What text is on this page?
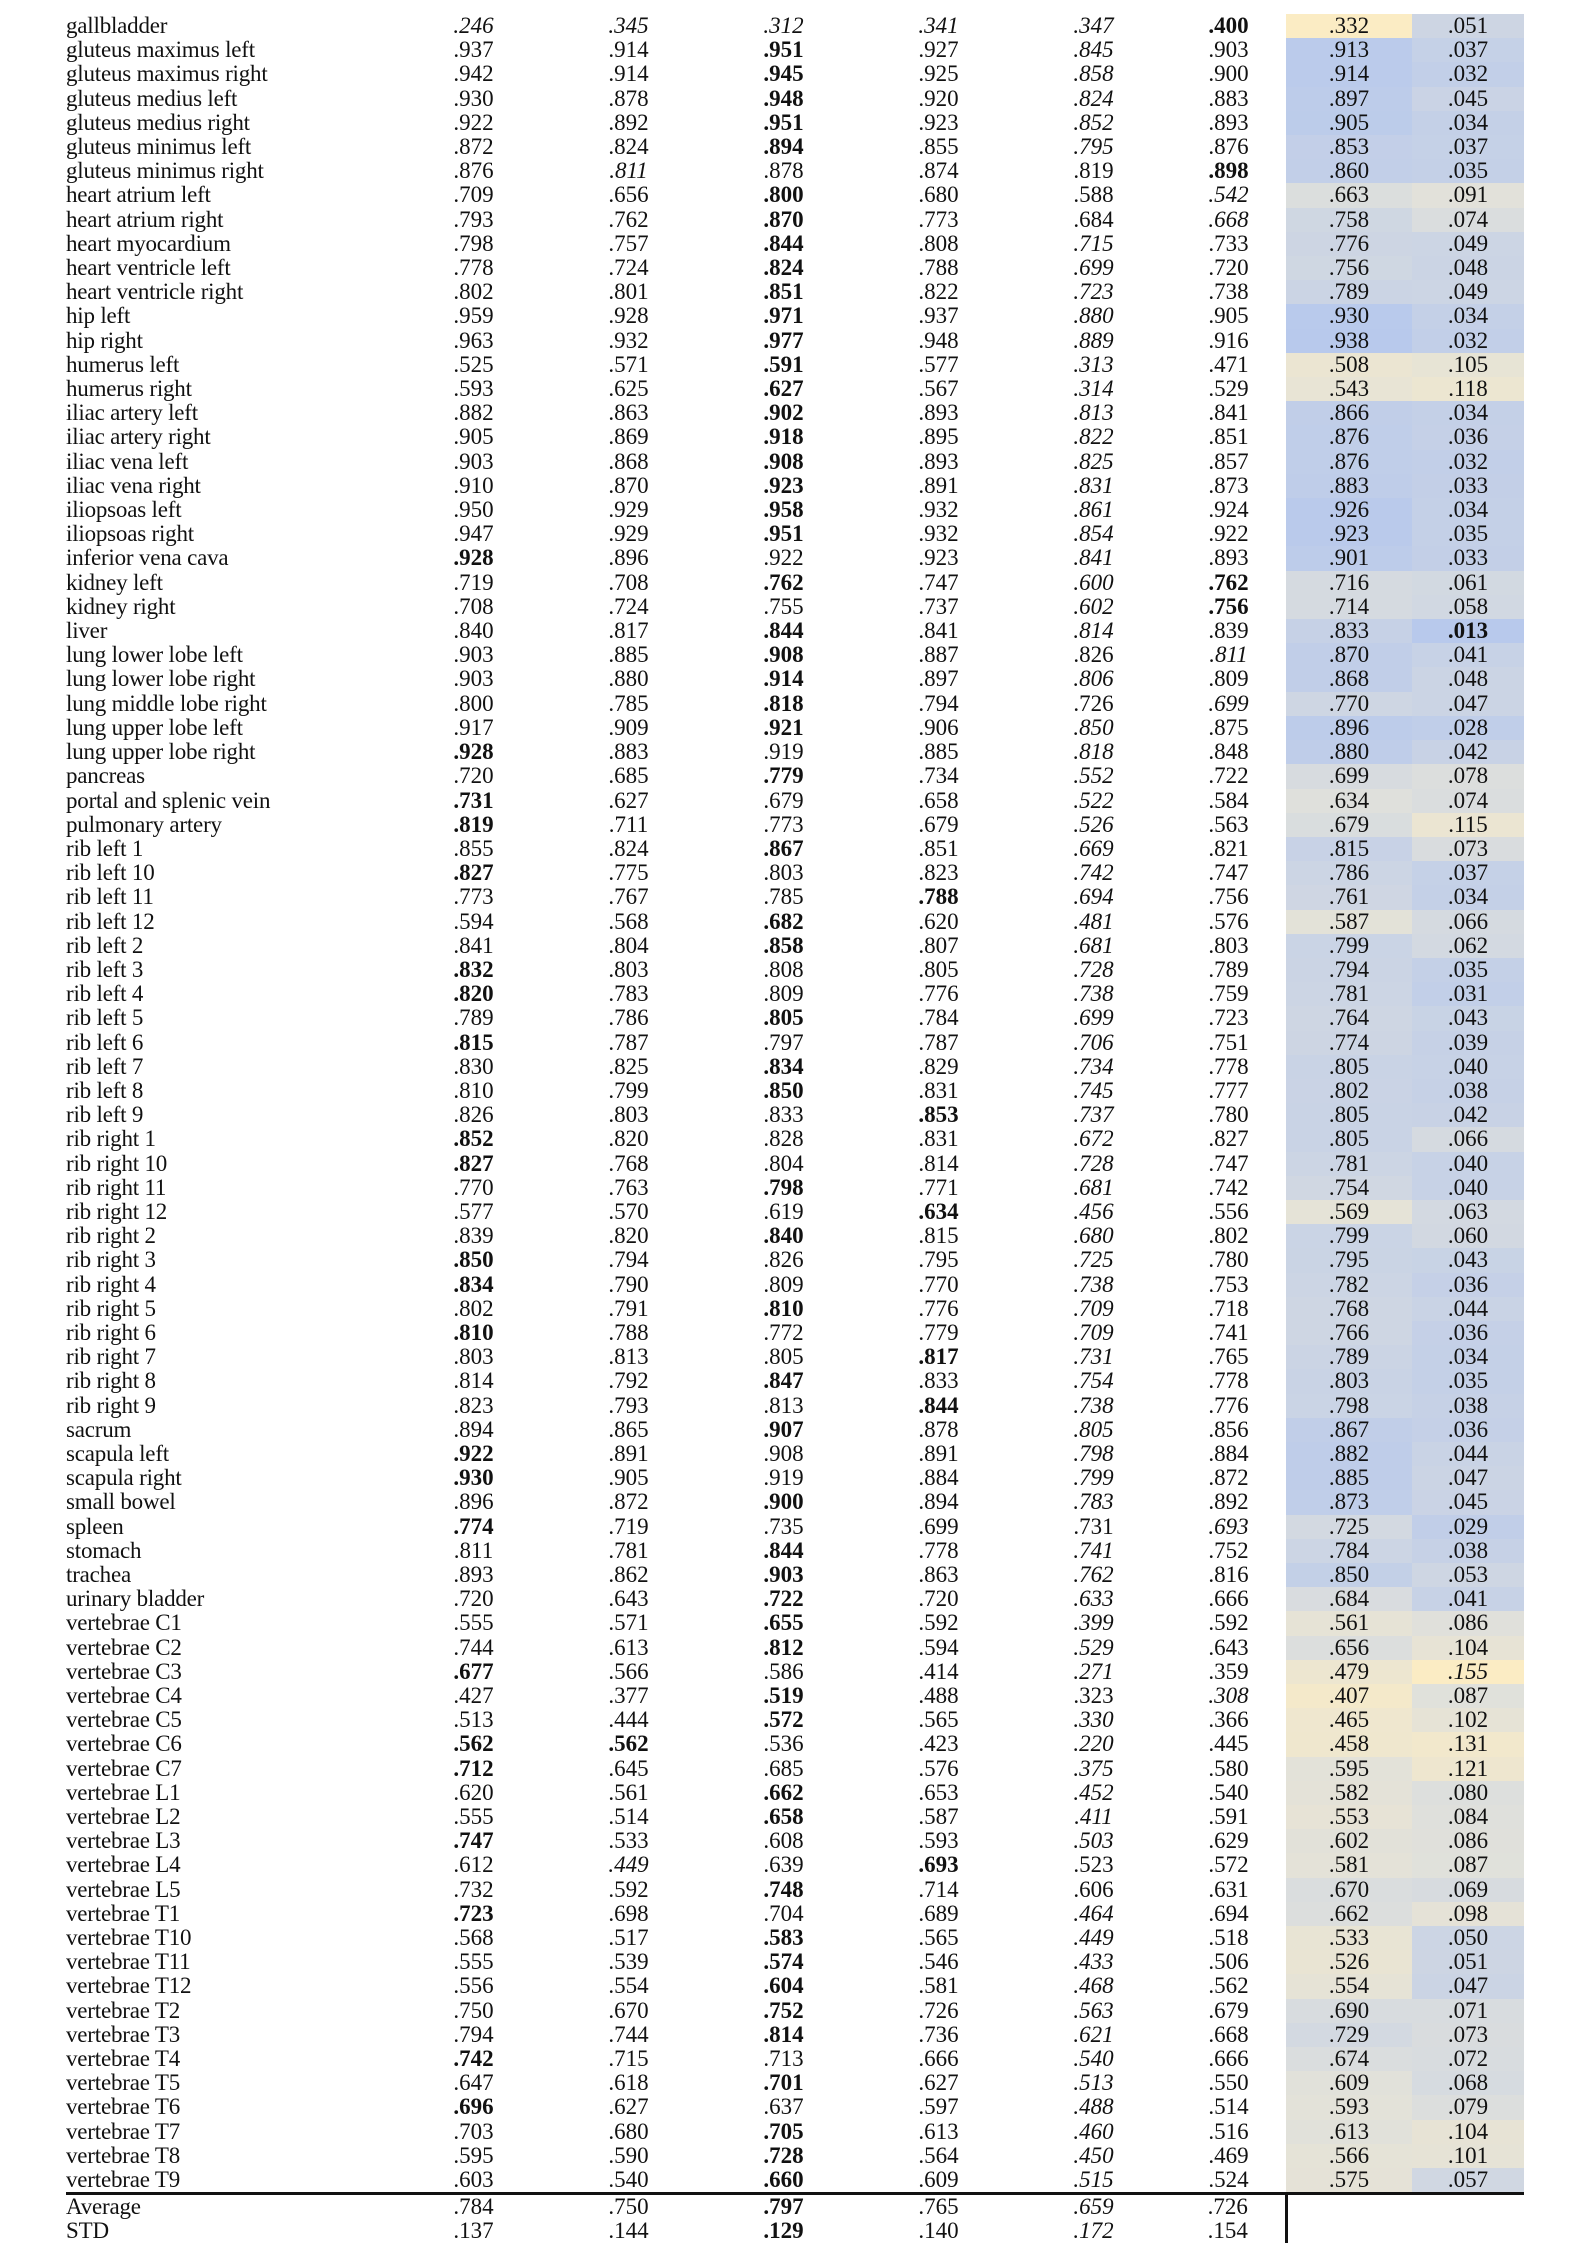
gallbladder	.246	.345	.312	.341	.347	.400	.332	.051	
gluteus maximus left	.937	.914	.951	.927	.845	.903	.913	.037	
gluteus maximus right	.942	.914	.945	.925	.858	.900	.914	.032	
gluteus medius left	.930	.878	.948	.920	.824	.883	.897	.045	
gluteus medius right	.922	.892	.951	.923	.852	.893	.905	.034	
gluteus minimus left	.872	.824	.894	.855	.795	.876	.853	.037	
gluteus minimus right	.876	.811	.878	.874	.819	.898	.860	.035	
heart atrium left	.709	.656	.800	.680	.588	.542	.663	.091	
heart atrium right	.793	.762	.870	.773	.684	.668	.758	.074	
heart myocardium	.798	.757	.844	.808	.715	.733	.776	.049	
heart ventricle left	.778	.724	.824	.788	.699	.720	.756	.048	
heart ventricle right	.802	.801	.851	.822	.723	.738	.789	.049	
hip left	.959	.928	.971	.937	.880	.905	.930	.034	
hip right	.963	.932	.977	.948	.889	.916	.938	.032	
humerus left	.525	.571	.591	.577	.313	.471	.508	.105	
humerus right	.593	.625	.627	.567	.314	.529	.543	.118	
iliac artery left	.882	.863	.902	.893	.813	.841	.866	.034	
iliac artery right	.905	.869	.918	.895	.822	.851	.876	.036	
iliac vena left	.903	.868	.908	.893	.825	.857	.876	.032	
iliac vena right	.910	.870	.923	.891	.831	.873	.883	.033	
iliopsoas left	.950	.929	.958	.932	.861	.924	.926	.034	
iliopsoas right	.947	.929	.951	.932	.854	.922	.923	.035	
inferior vena cava	.928	.896	.922	.923	.841	.893	.901	.033	
kidney left	.719	.708	.762	.747	.600	.762	.716	.061	
kidney right	.708	.724	.755	.737	.602	.756	.714	.058	
liver	.840	.817	.844	.841	.814	.839	.833	.013	
lung lower lobe left	.903	.885	.908	.887	.826	.811	.870	.041	
lung lower lobe right	.903	.880	.914	.897	.806	.809	.868	.048	
lung middle lobe right	.800	.785	.818	.794	.726	.699	.770	.047	
lung upper lobe left	.917	.909	.921	.906	.850	.875	.896	.028	
lung upper lobe right	.928	.883	.919	.885	.818	.848	.880	.042	
pancreas	.720	.685	.779	.734	.552	.722	.699	.078	
portal and splenic vein	.731	.627	.679	.658	.522	.584	.634	.074	
pulmonary artery	.819	.711	.773	.679	.526	.563	.679	.115	
rib left 1	.855	.824	.867	.851	.669	.821	.815	.073	
rib left 10	.827	.775	.803	.823	.742	.747	.786	.037	
rib left 11	.773	.767	.785	.788	.694	.756	.761	.034	
rib left 12	.594	.568	.682	.620	.481	.576	.587	.066	
rib left 2	.841	.804	.858	.807	.681	.803	.799	.062	
rib left 3	.832	.803	.808	.805	.728	.789	.794	.035	
rib left 4	.820	.783	.809	.776	.738	.759	.781	.031	
rib left 5	.789	.786	.805	.784	.699	.723	.764	.043	
rib left 6	.815	.787	.797	.787	.706	.751	.774	.039	
rib left 7	.830	.825	.834	.829	.734	.778	.805	.040	
rib left 8	.810	.799	.850	.831	.745	.777	.802	.038	
rib left 9	.826	.803	.833	.853	.737	.780	.805	.042	
rib right 1	.852	.820	.828	.831	.672	.827	.805	.066	
rib right 10	.827	.768	.804	.814	.728	.747	.781	.040	
rib right 11	.770	.763	.798	.771	.681	.742	.754	.040	
rib right 12	.577	.570	.619	.634	.456	.556	.569	.063	
rib right 2	.839	.820	.840	.815	.680	.802	.799	.060	
rib right 3	.850	.794	.826	.795	.725	.780	.795	.043	
rib right 4	.834	.790	.809	.770	.738	.753	.782	.036	
rib right 5	.802	.791	.810	.776	.709	.718	.768	.044	
rib right 6	.810	.788	.772	.779	.709	.741	.766	.036	
rib right 7	.803	.813	.805	.817	.731	.765	.789	.034	
rib right 8	.814	.792	.847	.833	.754	.778	.803	.035	
rib right 9	.823	.793	.813	.844	.738	.776	.798	.038	
sacrum	.894	.865	.907	.878	.805	.856	.867	.036	
scapula left	.922	.891	.908	.891	.798	.884	.882	.044	
scapula right	.930	.905	.919	.884	.799	.872	.885	.047	
small bowel	.896	.872	.900	.894	.783	.892	.873	.045	
spleen	.774	.719	.735	.699	.731	.693	.725	.029	
stomach	.811	.781	.844	.778	.741	.752	.784	.038	
trachea	.893	.862	.903	.863	.762	.816	.850	.053	
urinary bladder	.720	.643	.722	.720	.633	.666	.684	.041	
vertebrae C1	.555	.571	.655	.592	.399	.592	.561	.086	
vertebrae C2	.744	.613	.812	.594	.529	.643	.656	.104	
vertebrae C3	.677	.566	.586	.414	.271	.359	.479	.155	
vertebrae C4	.427	.377	.519	.488	.323	.308	.407	.087	
vertebrae C5	.513	.444	.572	.565	.330	.366	.465	.102	
vertebrae C6	.562	.562	.536	.423	.220	.445	.458	.131	
vertebrae C7	.712	.645	.685	.576	.375	.580	.595	.121	
vertebrae L1	.620	.561	.662	.653	.452	.540	.582	.080	
vertebrae L2	.555	.514	.658	.587	.411	.591	.553	.084	
vertebrae L3	.747	.533	.608	.593	.503	.629	.602	.086	
vertebrae L4	.612	.449	.639	.693	.523	.572	.581	.087	
vertebrae L5	.732	.592	.748	.714	.606	.631	.670	.069	
vertebrae T1	.723	.698	.704	.689	.464	.694	.662	.098	
vertebrae T10	.568	.517	.583	.565	.449	.518	.533	.050	
vertebrae T11	.555	.539	.574	.546	.433	.506	.526	.051	
vertebrae T12	.556	.554	.604	.581	.468	.562	.554	.047	
vertebrae T2	.750	.670	.752	.726	.563	.679	.690	.071	
vertebrae T3	.794	.744	.814	.736	.621	.668	.729	.073	
vertebrae T4	.742	.715	.713	.666	.540	.666	.674	.072	
vertebrae T5	.647	.618	.701	.627	.513	.550	.609	.068	
vertebrae T6	.696	.627	.637	.597	.488	.514	.593	.079	
vertebrae T7	.703	.680	.705	.613	.460	.516	.613	.104	
vertebrae T8	.595	.590	.728	.564	.450	.469	.566	.101	
vertebrae T9	.603	.540	.660	.609	.515	.524	.575	.057	
Average	.784	.750	.797	.765	.659	.726			
STD	.137	.144	.129	.140	.172	.154			
